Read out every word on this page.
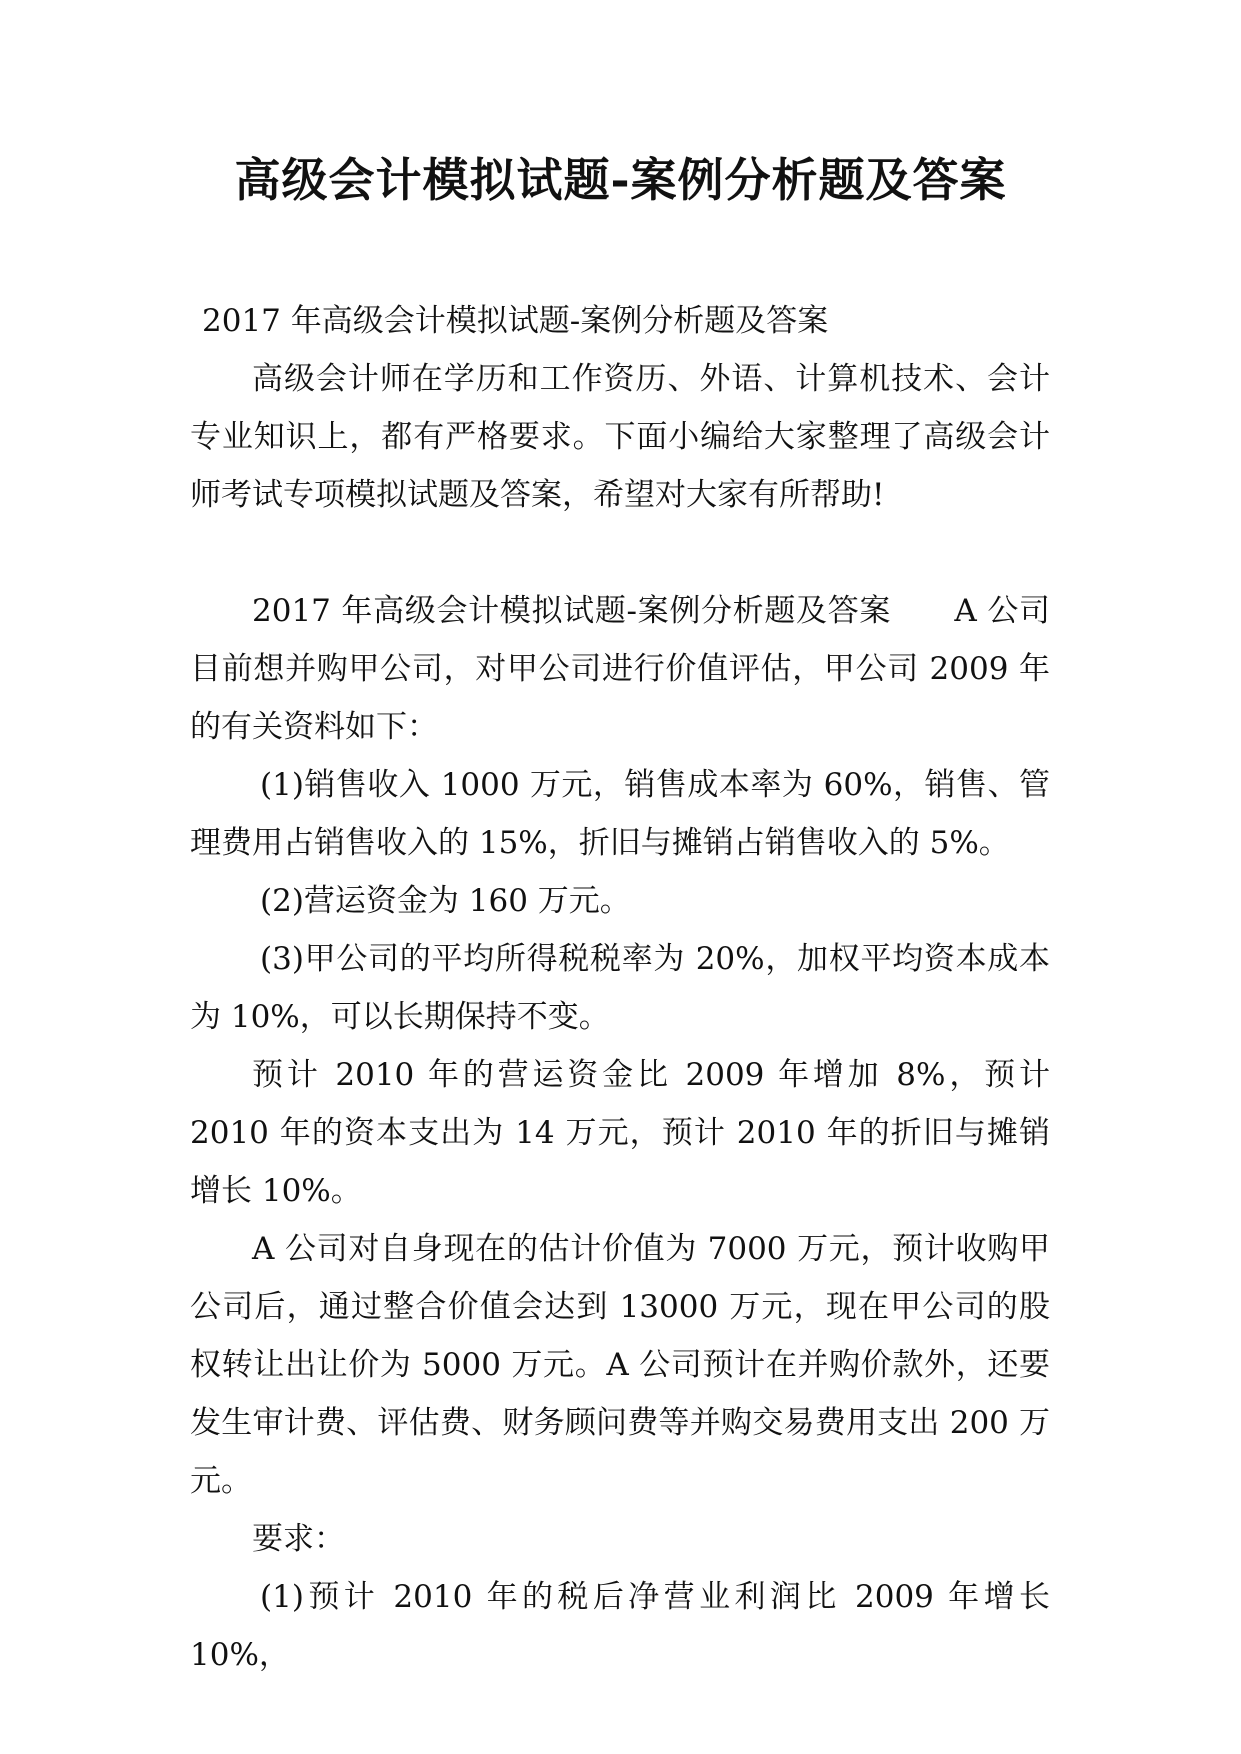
高级会计模拟试题-案例分析题及答案

2017 年高级会计模拟试题-案例分析题及答案

高级会计师在学历和工作资历、外语、计算机技术、会计专业知识上，都有严格要求。下面小编给大家整理了高级会计师考试专项模拟试题及答案，希望对大家有所帮助!

2017 年高级会计模拟试题-案例分析题及答案　　A 公司目前想并购甲公司，对甲公司进行价值评估，甲公司 2009 年的有关资料如下：

(1)销售收入 1000 万元，销售成本率为 60%，销售、管理费用占销售收入的 15%，折旧与摊销占销售收入的 5%。

(2)营运资金为 160 万元。

(3)甲公司的平均所得税税率为 20%，加权平均资本成本为 10%，可以长期保持不变。

预计 2010 年的营运资金比 2009 年增加 8%，预计 2010 年的资本支出为 14 万元，预计 2010 年的折旧与摊销增长 10%。

A 公司对自身现在的估计价值为 7000 万元，预计收购甲公司后，通过整合价值会达到 13000 万元，现在甲公司的股权转让出让价为 5000 万元。A 公司预计在并购价款外，还要发生审计费、评估费、财务顾问费等并购交易费用支出 200 万元。

要求：

(1)预计 2010 年的税后净营业利润比 2009 年增长 10%，
